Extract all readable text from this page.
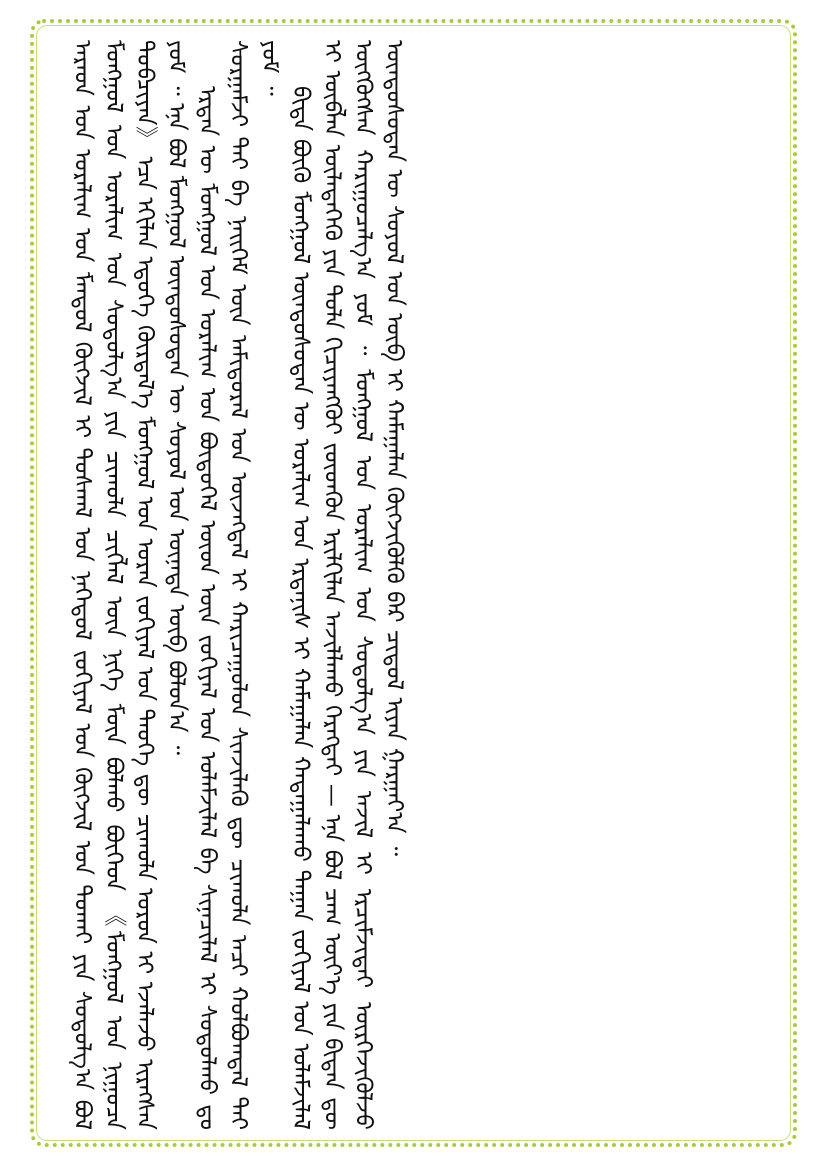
ᠠᠷᠠᠳ ᠤᠨ ᠤᠷᠠᠯᠢᠭ ᠤᠨ ᠮᠠᠨᠳᠤᠯ ᠬᠥᠭᠵᠢᠯ ᠢ ᠲᠤᠰᠬᠠᠯ ᠤᠨ ᠨᠡᠭᠡᠳᠦᠯ ᠵᠣᠬᠢᠶᠠᠯ ᠤᠨ ᠬᠥᠭᠵᠢᠯ ᠤᠨ ᠲᠤᠬᠠᠢ ᠶᠢᠨ ᠰᠤᠳᠤᠯᠭ᠎ᠠ ᠪᠣᠯ ᠮᠣᠩᠭᠣᠯ ᠤᠨ ᠤᠷᠠᠯᠢᠭ ᠤᠨ ᠰᠤᠳᠤᠯᠭ᠎ᠠ ᠶᠢᠨ ᠴᠢᠬᠤᠯᠠ ᠴᠢᠭᠯᠡᠯ ᠦᠨ ᠨᠢᠭᠡ ᠮᠥᠨ ᠪᠣᠯᠬᠤ ᠪᠥᠭᠡᠳ 《ᠮᠣᠩᠭᠣᠯ ᠤᠨ ᠨᠢᠭᠤᠴᠠ ᠲᠣᠪᠴᠢᠶᠠᠨ》 ᠡᠴᠡ ᠡᠬᠢᠯᠡᠨ ᠡᠳᠦᠭᠡ ᠬᠦᠷᠲᠡᠯ᠎ᠡ ᠮᠣᠩᠭᠣᠯ ᠤᠨ ᠤᠷᠠᠨ ᠵᠣᠬᠢᠶᠠᠯ ᠤᠨ ᠲᠡᠦᠬᠡ ᠳᠦ ᠴᠢᠬᠤᠯᠠ ᠣᠷᠤᠨ ᠢ ᠡᠵᠡᠯᠡᠵᠦ ᠢᠷᠡᠭᠰᠡᠨ ᠶᠤᠮ ᠃ ᠡᠨᠡ ᠪᠣᠯ ᠮᠣᠩᠭᠣᠯ ᠦᠨᠳᠦᠰᠦᠲᠡᠨ ᠦ ᠰᠣᠶᠣᠯ ᠤᠨ ᠦᠨᠡᠲᠡ ᠥᠪ ᠪᠣᠯᠤᠨ᠎ᠠ ᠃ ᠡᠷᠲᠡᠨ ᠦ ᠮᠣᠩᠭᠣᠯ ᠤᠨ ᠤᠷᠠᠯᠢᠭ ᠤᠨ ᠪᠦᠲᠦᠭᠡᠯ ᠦᠳ ᠦᠨ ᠵᠣᠬᠢᠶᠠᠯ ᠤᠨ ᠤᠯᠠᠮᠵᠢᠯᠠᠯ ᠪᠠ ᠰᠢᠨᠡᠴᠢᠯᠡᠯ ᠢ ᠰᠤᠳᠤᠯᠬᠤ ᠳᠤ ᠰᠤᠷᠭᠠᠮᠵᠢ ᠲᠠᠢ ᠪᠠ ᠨᠡᠢᠭᠡᠮ ᠦᠨ ᠠᠮᠢᠳᠤᠷᠠᠯ ᠤᠨ ᠦᠵᠡᠭᠳᠡᠯ ᠢ ᠬᠠᠷᠢᠴᠠᠭᠤᠯᠤᠨ ᠰᠢᠨᠵᠢᠯᠡᠬᠦ ᠳᠦ ᠴᠢᠬᠤᠯᠠ ᠠᠴᠢ ᠬᠣᠯᠪᠣᠭᠳᠠᠯ ᠲᠠᠢ ᠶᠤᠮ ᠃

ᠪᠢᠳᠡ ᠪᠦᠬᠦ ᠮᠣᠩᠭᠣᠯ ᠦᠨᠳᠦᠰᠦᠲᠡᠨ ᠦ ᠤᠷᠠᠯᠢᠭ ᠤᠨ ᠡᠷᠳᠡᠨᠢᠰ ᠢ ᠬᠠᠮᠠᠭᠠᠯᠠᠨ ᠬᠠᠳᠠᠭᠠᠯᠠᠬᠤ ᠳᠠᠭᠠᠨ ᠵᠣᠬᠢᠶᠠᠯ ᠤᠨ ᠤᠯᠠᠮᠵᠢᠯᠠᠯ ᠢ ᠥᠪᠯᠡᠨ ᠦᠯᠡᠳᠡᠭᠡᠬᠦ ᠶᠢᠨ ᠲᠤᠯᠠ ᠬᠢᠴᠢᠶᠡᠩᠭᠦᠢ ᠵᠦᠳᠬᠦᠨ ᠡᠷᠢᠯᠬᠢᠯᠡᠨ ᠠᠵᠢᠯᠯᠠᠬᠤ ᠬᠡᠷᠡᠭᠲᠡᠢ — ᠡᠨᠡ ᠪᠣᠯ ᠴᠠᠭ ᠦᠶ᠎ᠡ ᠶᠢᠨ ᠪᠢᠳᠡᠨ ᠳᠦ ᠥᠭᠭᠦᠭᠰᠡᠨ ᠬᠠᠷᠢᠭᠤᠴᠠᠯᠭ᠎ᠠ ᠶᠤᠮ ᠃ ᠮᠣᠩᠭᠣᠯ ᠤᠨ ᠤᠷᠠᠯᠢᠭ ᠤᠨ ᠰᠤᠳᠤᠯᠭ᠎ᠠ ᠶᠢᠨ ᠠᠵᠢᠯ ᠢ ᠡᠷᠴᠢᠮᠵᠢᠲᠡᠢ ᠥᠷᠭᠡᠵᠢᠭᠦᠯᠵᠦ ᠦᠨᠳᠦᠰᠦᠲᠡᠨ ᠦ ᠰᠣᠶᠣᠯ ᠤᠨ ᠥᠪ ᠢ ᠬᠠᠮᠠᠭᠠᠯᠠᠨ ᠬᠥᠭᠵᠢᠭᠦᠯᠬᠦ ᠪᠡᠷ ᠴᠢᠳᠤᠯ ᠢᠶᠠᠨ ᠭᠠᠷᠭᠠᠶ᠎ᠠ ᠃
